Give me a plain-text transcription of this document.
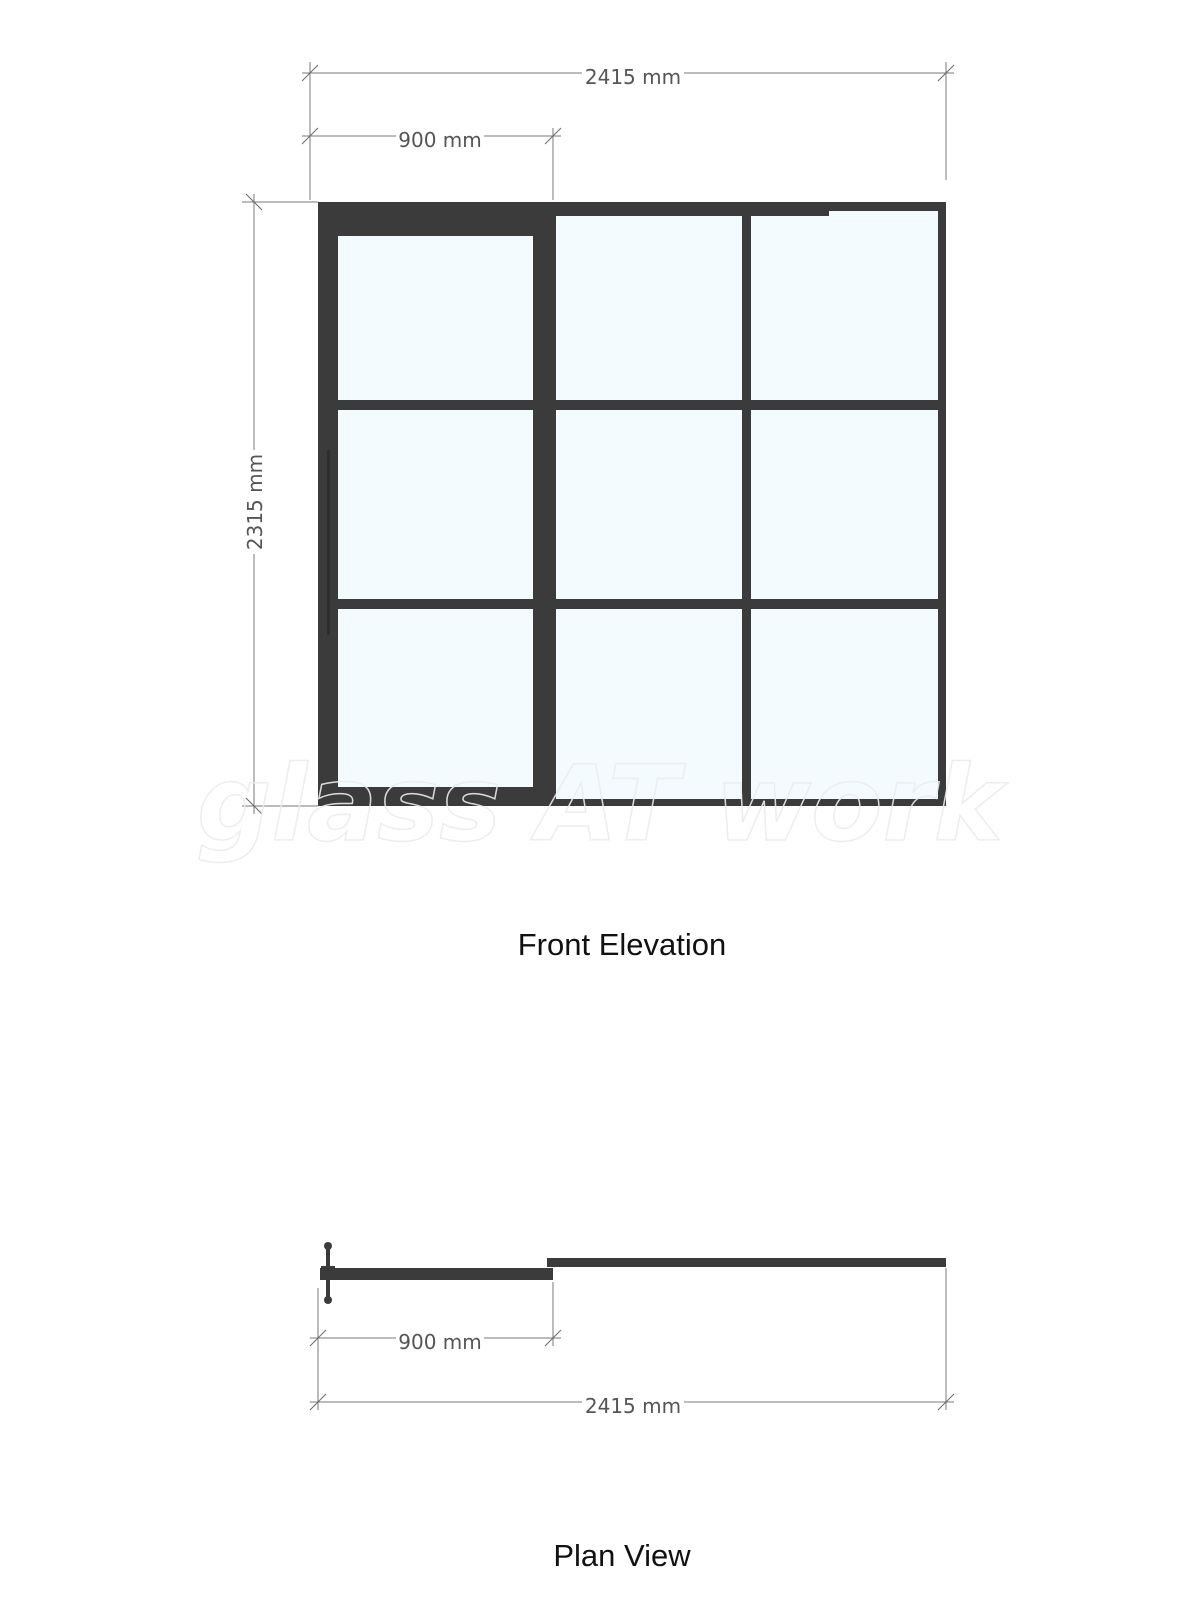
2415 mm
900 mm
2315 mm
glass AT work
Front Elevation
900 mm
2415 mm
Plan View
